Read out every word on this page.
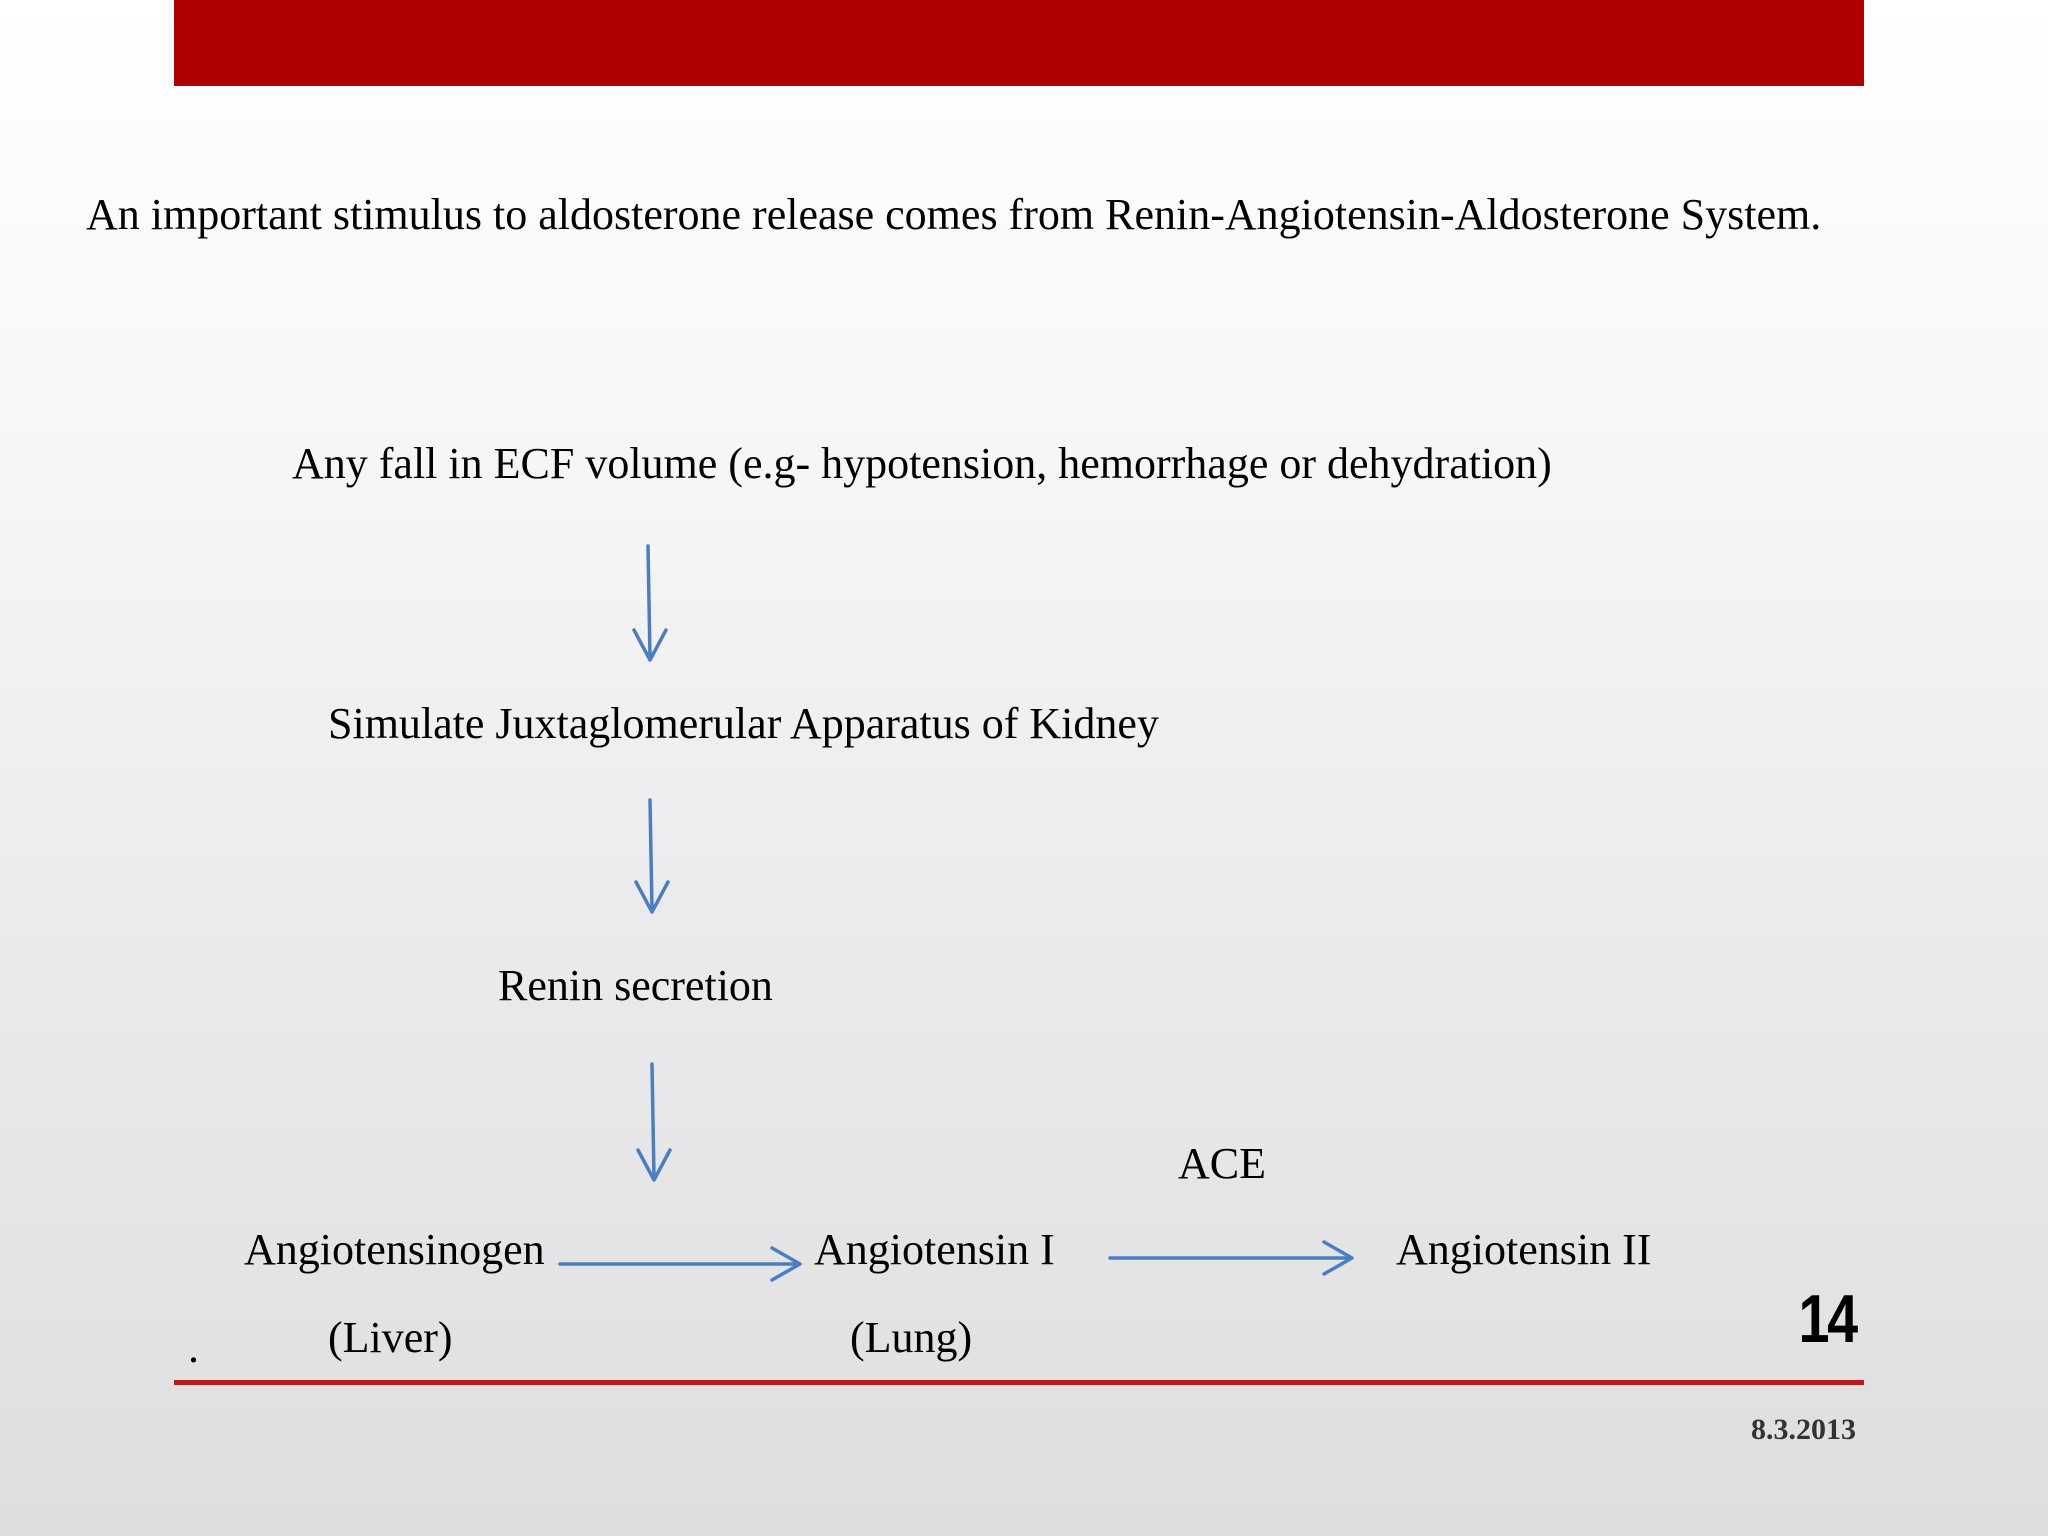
An important stimulus to aldosterone release comes from Renin-Angiotensin-Aldosterone System.
Any fall in ECF volume (e.g- hypotension, hemorrhage or dehydration)
Simulate Juxtaglomerular Apparatus of Kidney
Renin secretion
ACE
Angiotensinogen
(Liver)
Angiotensin I
(Lung)
Angiotensin II
.	14
8.3.2013
